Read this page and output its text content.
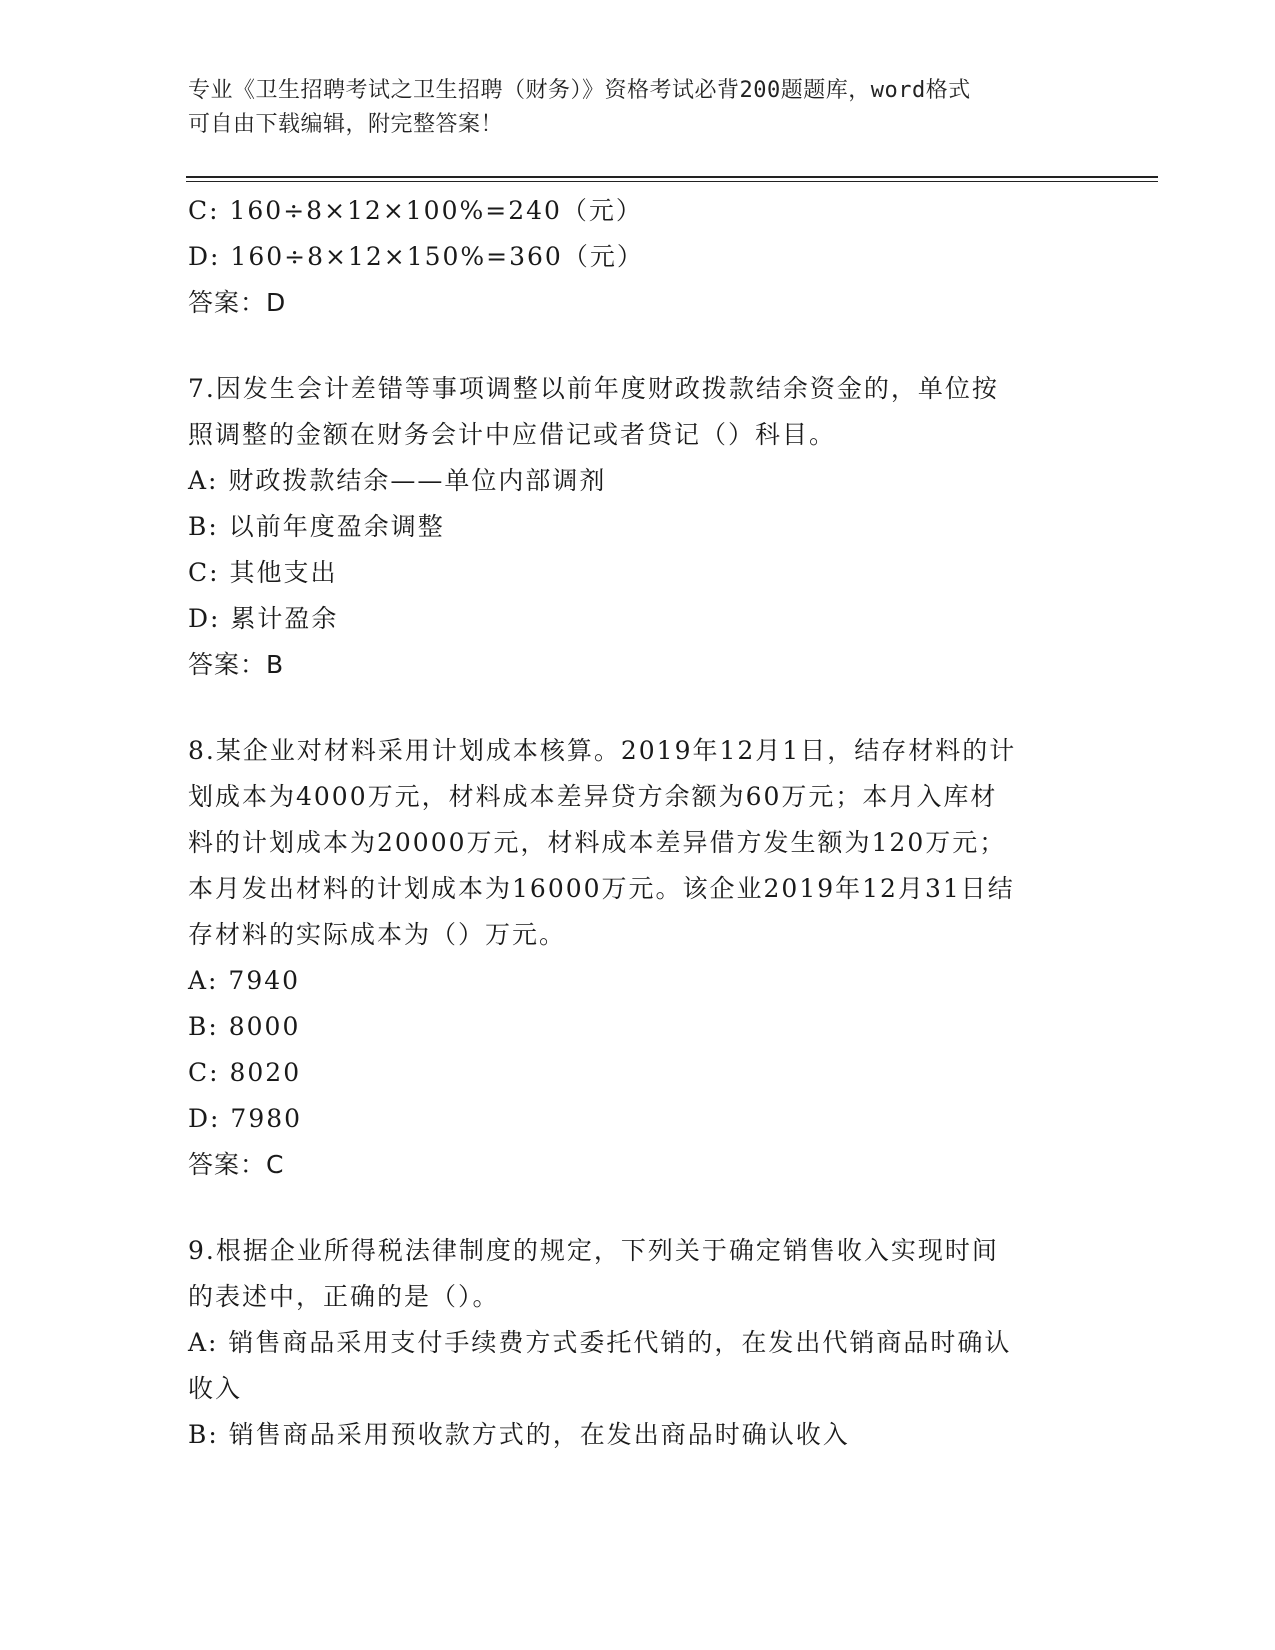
专业《卫生招聘考试之卫生招聘（财务）》资格考试必背200题题库，word格式
可自由下载编辑，附完整答案！
C: 160÷8×12×100%=240（元）
D: 160÷8×12×150%=360（元）
答案：D
7.因发生会计差错等事项调整以前年度财政拨款结余资金的，单位按
照调整的金额在财务会计中应借记或者贷记（）科目。
A: 财政拨款结余——单位内部调剂
B: 以前年度盈余调整
C: 其他支出
D: 累计盈余
答案：B
8.某企业对材料采用计划成本核算。2019年12月1日，结存材料的计
划成本为4000万元，材料成本差异贷方余额为60万元；本月入库材
料的计划成本为20000万元，材料成本差异借方发生额为120万元；
本月发出材料的计划成本为16000万元。该企业2019年12月31日结
存材料的实际成本为（）万元。
A: 7940
B: 8000
C: 8020
D: 7980
答案：C
9.根据企业所得税法律制度的规定，下列关于确定销售收入实现时间
的表述中，正确的是（）。
A: 销售商品采用支付手续费方式委托代销的，在发出代销商品时确认
收入
B: 销售商品采用预收款方式的，在发出商品时确认收入
